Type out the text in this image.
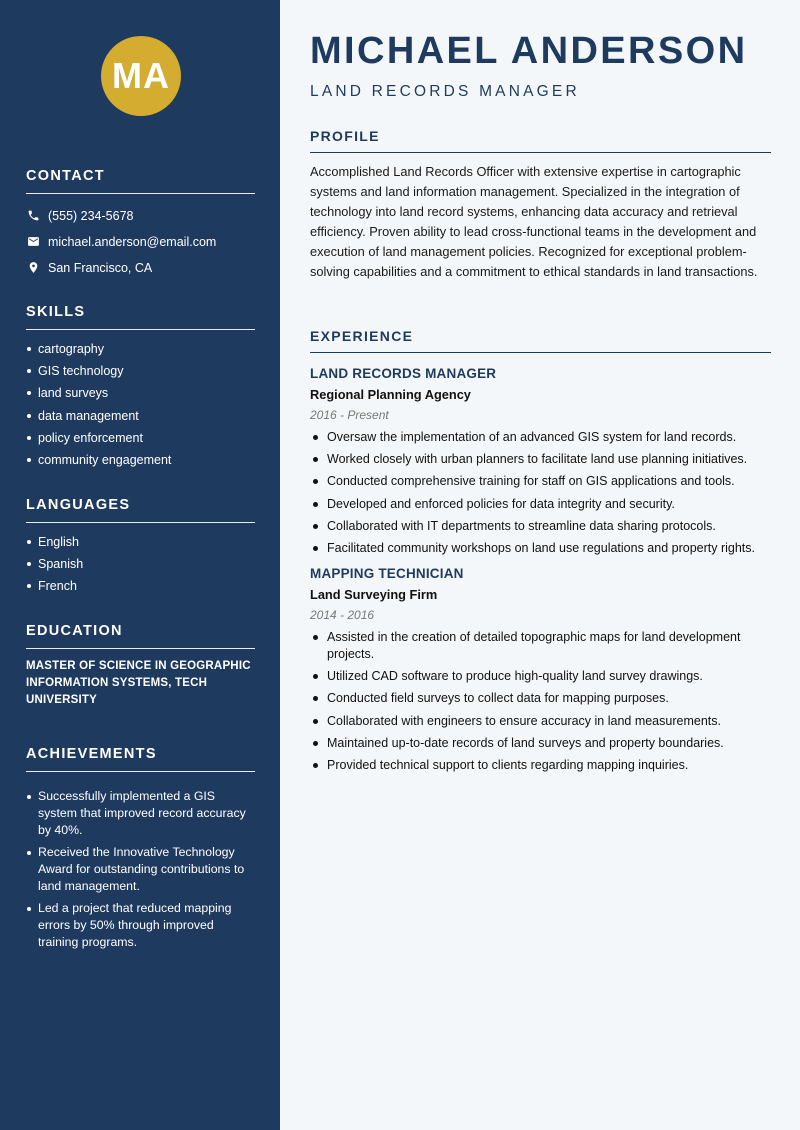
MA
CONTACT
(555) 234-5678
michael.anderson@email.com
San Francisco, CA
SKILLS
cartography
GIS technology
land surveys
data management
policy enforcement
community engagement
LANGUAGES
English
Spanish
French
EDUCATION
MASTER OF SCIENCE IN GEOGRAPHIC INFORMATION SYSTEMS, TECH UNIVERSITY
ACHIEVEMENTS
Successfully implemented a GIS system that improved record accuracy by 40%.
Received the Innovative Technology Award for outstanding contributions to land management.
Led a project that reduced mapping errors by 50% through improved training programs.
MICHAEL ANDERSON
LAND RECORDS MANAGER
PROFILE
Accomplished Land Records Officer with extensive expertise in cartographic systems and land information management. Specialized in the integration of technology into land record systems, enhancing data accuracy and retrieval efficiency. Proven ability to lead cross-functional teams in the development and execution of land management policies. Recognized for exceptional problem-solving capabilities and a commitment to ethical standards in land transactions.
EXPERIENCE
LAND RECORDS MANAGER
Regional Planning Agency
2016 - Present
Oversaw the implementation of an advanced GIS system for land records.
Worked closely with urban planners to facilitate land use planning initiatives.
Conducted comprehensive training for staff on GIS applications and tools.
Developed and enforced policies for data integrity and security.
Collaborated with IT departments to streamline data sharing protocols.
Facilitated community workshops on land use regulations and property rights.
MAPPING TECHNICIAN
Land Surveying Firm
2014 - 2016
Assisted in the creation of detailed topographic maps for land development projects.
Utilized CAD software to produce high-quality land survey drawings.
Conducted field surveys to collect data for mapping purposes.
Collaborated with engineers to ensure accuracy in land measurements.
Maintained up-to-date records of land surveys and property boundaries.
Provided technical support to clients regarding mapping inquiries.
